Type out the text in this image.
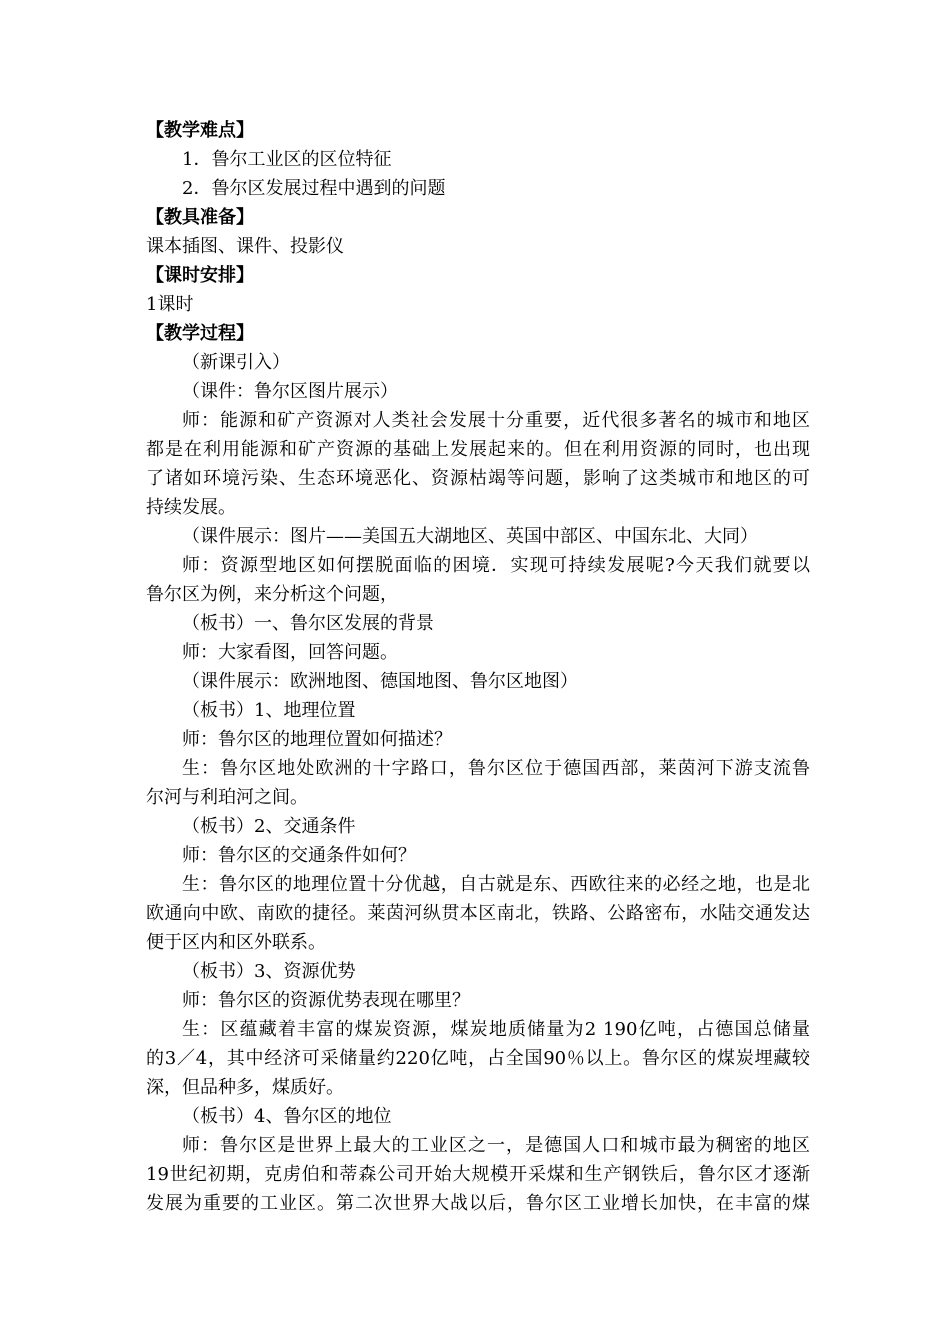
【教学难点】
1．鲁尔工业区的区位特征
2．鲁尔区发展过程中遇到的问题
【教具准备】
课本插图、课件、投影仪
【课时安排】
1课时
【教学过程】
（新课引入）
（课件：鲁尔区图片展示）
师：能源和矿产资源对人类社会发展十分重要，近代很多著名的城市和地区
都是在利用能源和矿产资源的基础上发展起来的。但在利用资源的同时，也出现
了诸如环境污染、生态环境恶化、资源枯竭等问题，影响了这类城市和地区的可
持续发展。
（课件展示：图片——美国五大湖地区、英国中部区、中国东北、大同）
师：资源型地区如何摆脱面临的困境．实现可持续发展呢?今天我们就要以
鲁尔区为例，来分析这个问题，
（板书）一、鲁尔区发展的背景
师：大家看图，回答问题。
（课件展示：欧洲地图、德国地图、鲁尔区地图）
（板书）1、地理位置
师：鲁尔区的地理位置如何描述？
生：鲁尔区地处欧洲的十字路口，鲁尔区位于德国西部，莱茵河下游支流鲁
尔河与利珀河之间。
（板书）2、交通条件
师：鲁尔区的交通条件如何？
生：鲁尔区的地理位置十分优越，自古就是东、西欧往来的必经之地，也是北
欧通向中欧、南欧的捷径。莱茵河纵贯本区南北，铁路、公路密布，水陆交通发达
便于区内和区外联系。
（板书）3、资源优势
师：鲁尔区的资源优势表现在哪里？
生：区蕴藏着丰富的煤炭资源，煤炭地质储量为2 190亿吨，占德国总储量
的3／4，其中经济可采储量约220亿吨，占全国90％以上。鲁尔区的煤炭埋藏较
深，但品种多，煤质好。
（板书）4、鲁尔区的地位
师：鲁尔区是世界上最大的工业区之一，是德国人口和城市最为稠密的地区
19世纪初期，克虏伯和蒂森公司开始大规模开采煤和生产钢铁后，鲁尔区才逐渐
发展为重要的工业区。第二次世界大战以后，鲁尔区工业增长加快，在丰富的煤
